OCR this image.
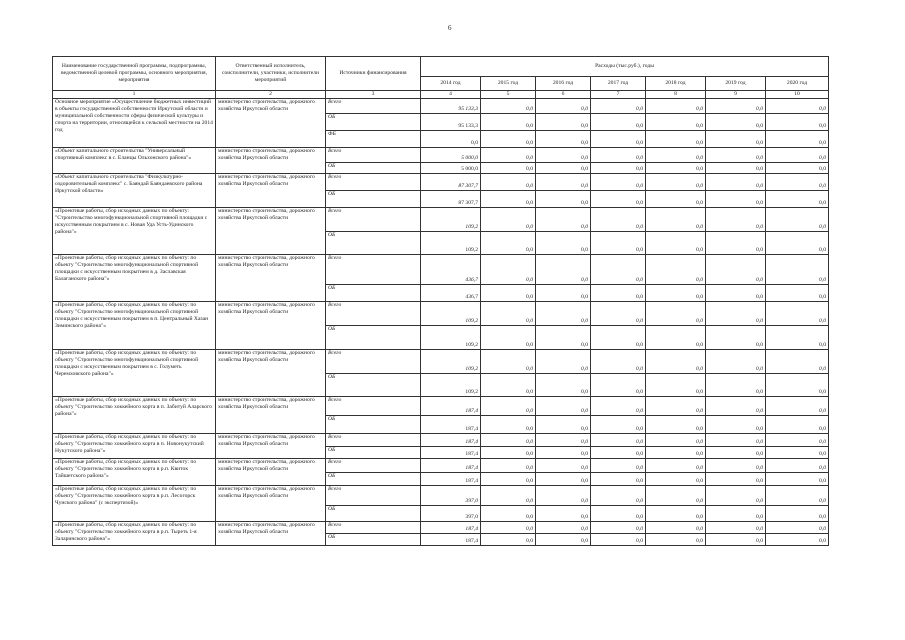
6
Наименование государственной программы, подпрограммы, ведомственной целевой программы, основного мероприятия, мероприятия	Ответственный исполнитель, соисполнители, участники, исполнители мероприятий	Источники финансирования	Расходы (тыс.руб.), годы						
			2014 год	2015 год	2016 год	2017 год	2018 год	2019 год	2020 год
1	2	3	4	5	6	7	8	9	10
Основное мероприятие «Осуществление бюджетных инвестиций в объекты государственной собственности Иркутской области и муниципальной собственности сферы физической культуры и спорта на территории, относящейся к сельской местности на 2014 год	министерство строительства, дорожного хозяйства Иркутской области	Всего	95 133,3	0,0	0,0	0,0	0,0	0,0	0,0
		ОБ	95 133,3	0,0	0,0	0,0	0,0	0,0	0,0
		ФБ	0,0	0,0	0,0	0,0	0,0	0,0	0,0
«Объект капитального строительства "Универсальный спортивный комплекс в с. Еланцы Ольхонского района"»	министерство строительства, дорожного хозяйства Иркутской области	Всего	5 000,0	0,0	0,0	0,0	0,0	0,0	0,0
		ОБ	5 000,0	0,0	0,0	0,0	0,0	0,0	0,0
«Объект капитального строительства "Физкультурно-оздоровительный комплекс" с. Баяндай Баяндаевского района Иркутской области»	министерство строительства, дорожного хозяйства Иркутской области	Всего	87 307,7	0,0	0,0	0,0	0,0	0,0	0,0
		ОБ	87 307,7	0,0	0,0	0,0	0,0	0,0	0,0
«Проектные работы, сбор исходных данных по объекту: "Строительство многофункциональной спортивной площадки с искусственным покрытием в с. Новая Уда Усть-Удинского района"»	министерство строительства, дорожного хозяйства Иркутской области	Всего	109,2	0,0	0,0	0,0	0,0	0,0	0,0
		ОБ	109,2	0,0	0,0	0,0	0,0	0,0	0,0
«Проектные работы, сбор исходных данных по объекту: по объекту "Строительство многофункциональной спортивной площадки с искусственным покрытием в д. Заславская Балаганского района"»	министерство строительства, дорожного хозяйства Иркутской области	Всего	436,7	0,0	0,0	0,0	0,0	0,0	0,0
		ОБ	436,7	0,0	0,0	0,0	0,0	0,0	0,0
«Проектные работы, сбор исходных данных по объекту: по объекту "Строительство многофункциональной спортивной площадки с искусственным покрытием в п. Центральный Хазан Зиминского района"»	министерство строительства, дорожного хозяйства Иркутской области	Всего	109,2	0,0	0,0	0,0	0,0	0,0	0,0
		ОБ	109,2	0,0	0,0	0,0	0,0	0,0	0,0
«Проектные работы, сбор исходных данных по объекту: по объекту "Строительство многофункциональной спортивной площадки с искусственным покрытием в с. Голуметь Черемховского района"»	министерство строительства, дорожного хозяйства Иркутской области	Всего	109,2	0,0	0,0	0,0	0,0	0,0	0,0
		ОБ	109,2	0,0	0,0	0,0	0,0	0,0	0,0
«Проектные работы, сбор исходных данных по объекту: по объекту "Строительство хоккейного корта в п. Забитуй Аларского района"»	министерство строительства, дорожного хозяйства Иркутской области	Всего	187,4	0,0	0,0	0,0	0,0	0,0	0,0
		ОБ	187,4	0,0	0,0	0,0	0,0	0,0	0,0
«Проектные работы, сбор исходных данных по объекту: по объекту "Строительство хоккейного корта в п. Новонукутский Нукутского района"»	министерство строительства, дорожного хозяйства Иркутской области	Всего	187,4	0,0	0,0	0,0	0,0	0,0	0,0
		ОБ	187,4	0,0	0,0	0,0	0,0	0,0	0,0
«Проектные работы, сбор исходных данных по объекту: по объекту "Строительство хоккейного корта в р.п. Квиток Тайшетского района"»	министерство строительства, дорожного хозяйства Иркутской области	Всего	187,4	0,0	0,0	0,0	0,0	0,0	0,0
		ОБ	187,4	0,0	0,0	0,0	0,0	0,0	0,0
«Проектные работы, сбор исходных данных по объекту: по объекту "Строительство хоккейного корта в р.п. Лесогорск Чунского района" (с экспертизой)»	министерство строительства, дорожного хозяйства Иркутской области	Всего	397,0	0,0	0,0	0,0	0,0	0,0	0,0
		ОБ	397,0	0,0	0,0	0,0	0,0	0,0	0,0
«Проектные работы, сбор исходных данных по объекту: по объекту "Строительство хоккейного корта в р.п. Тыреть 1-я Заларинского района"»	министерство строительства, дорожного хозяйства Иркутской области	Всего	187,4	0,0	0,0	0,0	0,0	0,0	0,0
		ОБ	187,4	0,0	0,0	0,0	0,0	0,0	0,0
